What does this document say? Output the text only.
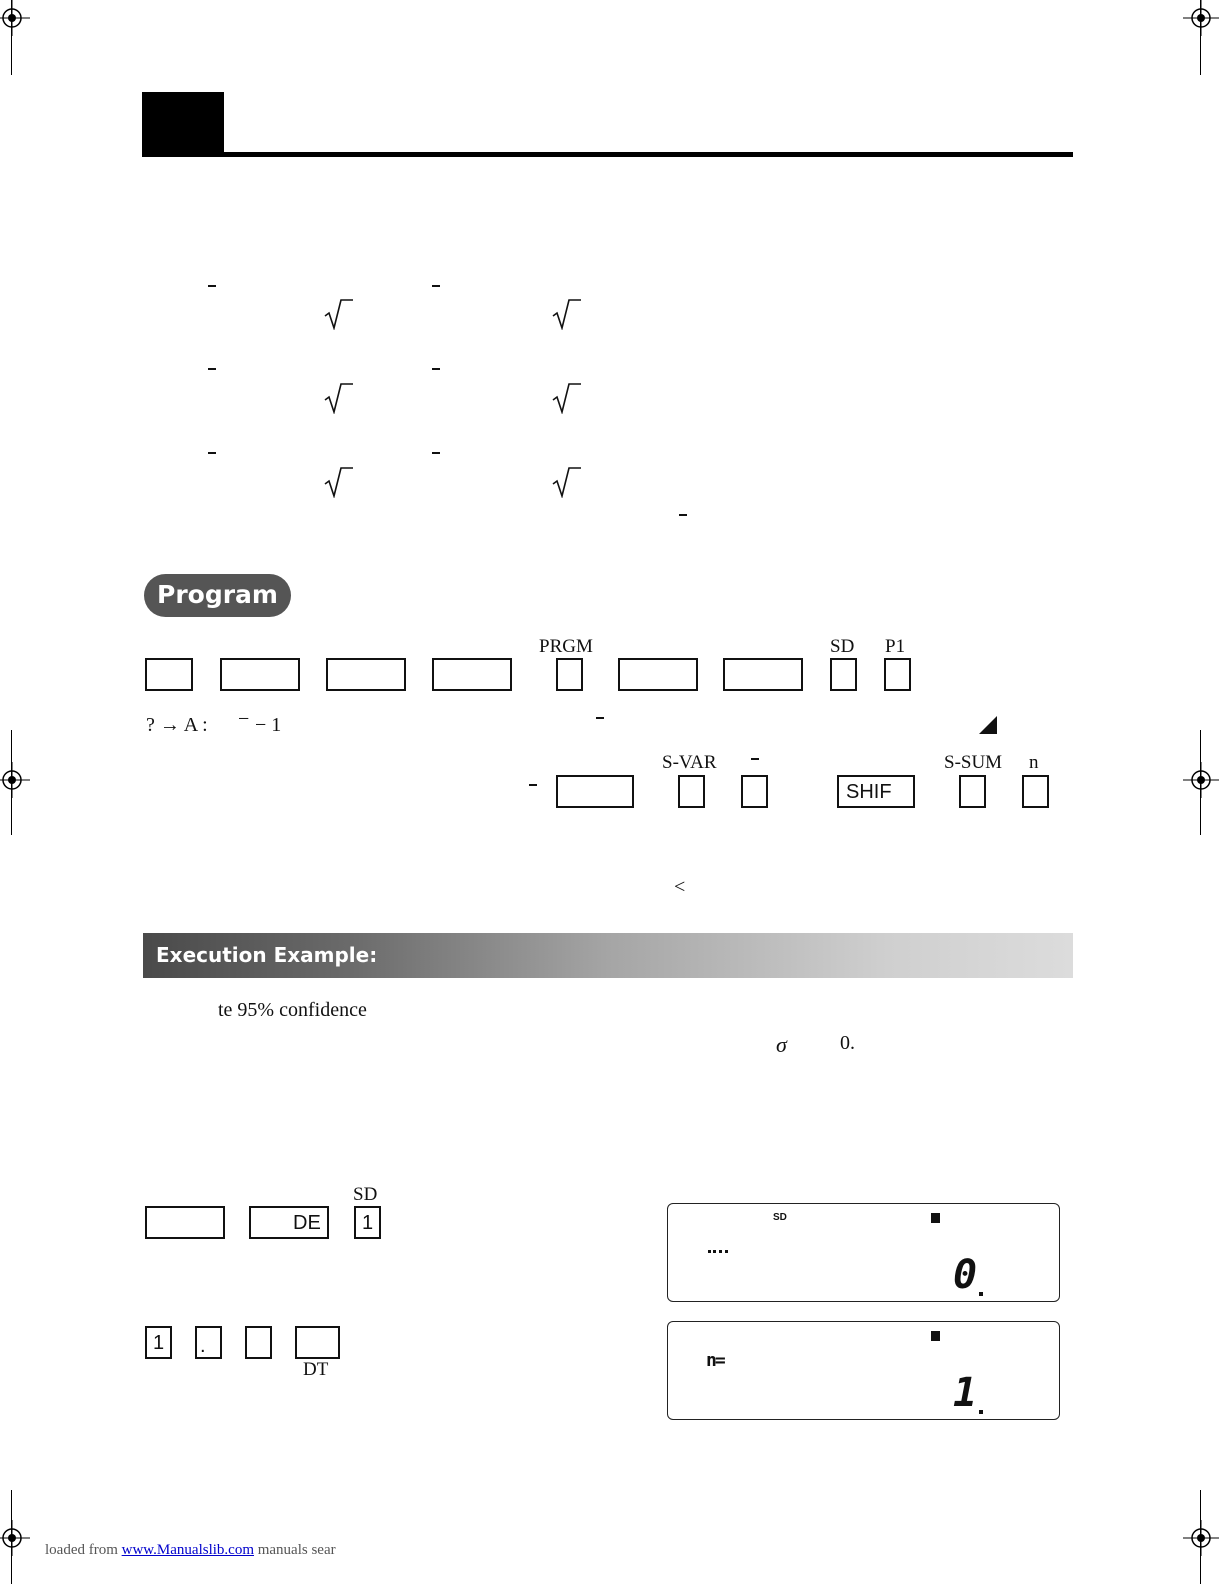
Program
PRGM	SD P1
? → A : − − 1
S-VAR	S-SUM n
SHIF
<
Execution Example:
te 95% confidence
σ	0.
SD
DE 1	SD
0
1 .
DT	n=
1
loaded from www.Manualslib.com manuals sear
